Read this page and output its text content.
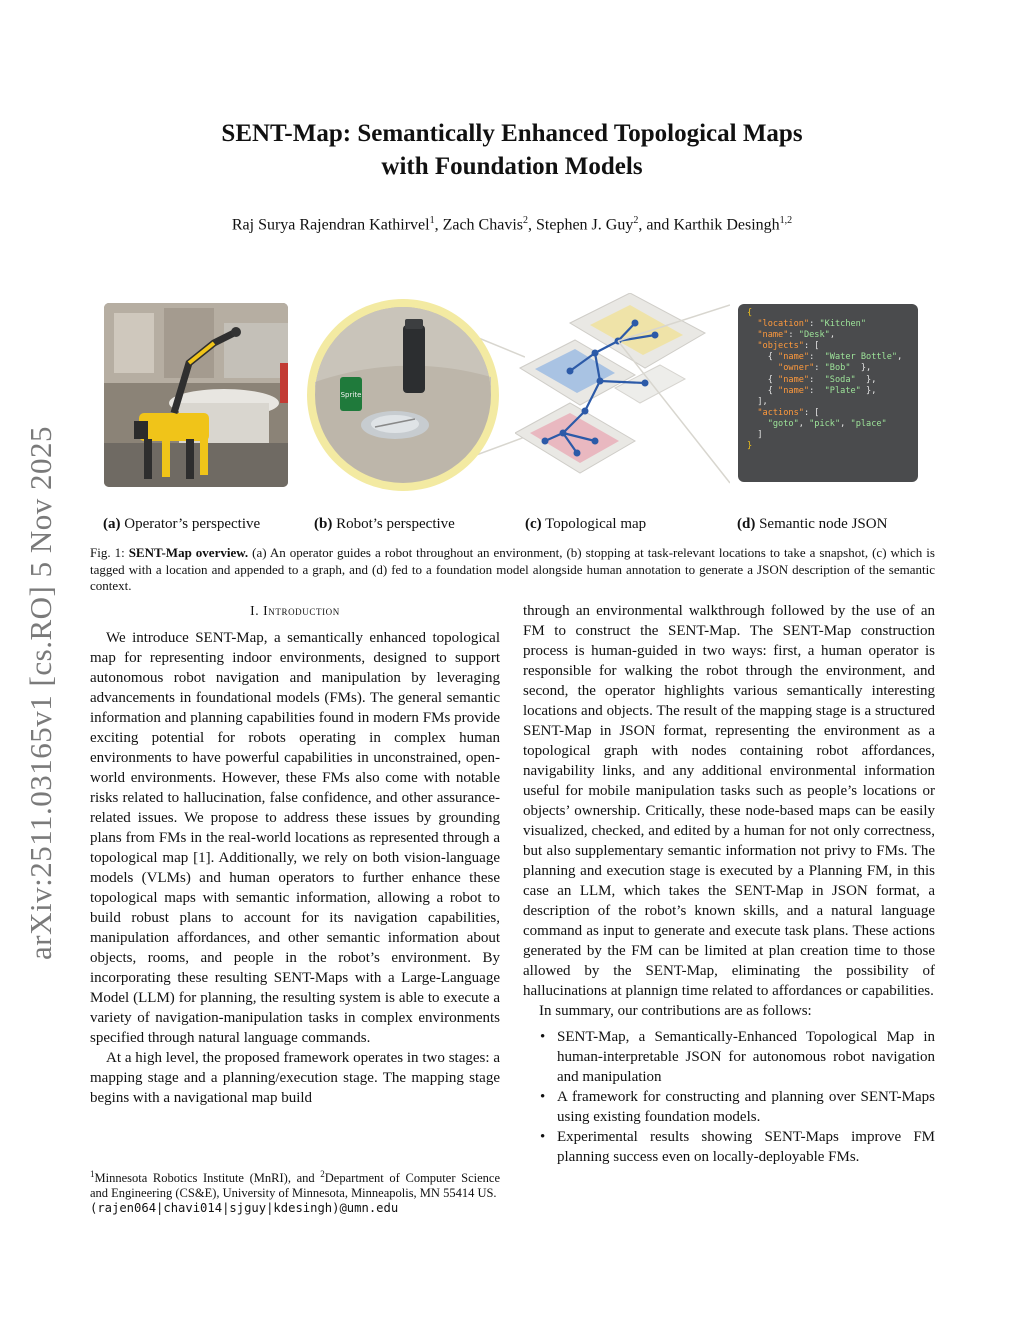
arXiv:2511.03165v1 [cs.RO] 5 Nov 2025
SENT-Map: Semantically Enhanced Topological Maps
with Foundation Models
Raj Surya Rajendran Kathirvel$^1$, Zach Chavis$^2$, Stephen J. Guy$^2$, and Karthik Desingh$^{1,2}$
Sprite
{
"location": "Kitchen"
"name": "Desk",
"objects": [
{ "name":  "Water Bottle",
"owner": "Bob"  },
{ "name":  "Soda"  },
{ "name":  "Plate" },
],
"actions": [
"goto", "pick", "place"
]
}
(a) Operator’s perspective	(b) Robot’s perspective	(c) Topological map	(d) Semantic node JSON
Fig. 1: SENT-Map overview. (a) An operator guides a robot throughout an environment, (b) stopping at task-relevant locations to take a snapshot, (c) which is tagged with a location and appended to a graph, and (d) fed to a foundation model alongside human annotation to generate a JSON description of the semantic context.
I. Introduction

We introduce SENT-Map, a semantically enhanced topological map for representing indoor environments, designed to support autonomous robot navigation and manipulation by leveraging advancements in foundational models (FMs). The general semantic information and planning capabilities found in modern FMs provide exciting potential for robots operating in complex human environments to have powerful capabilities in unconstrained, open-world environments. However, these FMs also come with notable risks related to hallucination, false confidence, and other assurance-related issues. We propose to address these issues by grounding plans from FMs in the real-world locations as represented through a topological map [1]. Additionally, we rely on both vision-language models (VLMs) and human operators to further enhance these topological maps with semantic information, allowing a robot to build robust plans to account for its navigation capabilities, manipulation affordances, and other semantic information about objects, rooms, and people in the robot’s environment. By incorporating these resulting SENT-Maps with a Large-Language Model (LLM) for planning, the resulting system is able to execute a variety of navigation-manipulation tasks in complex environments specified through natural language commands.

At a high level, the proposed framework operates in two stages: a mapping stage and a planning/execution stage. The mapping stage begins with a navigational map build

through an environmental walkthrough followed by the use of an FM to construct the SENT-Map. The SENT-Map construction process is human-guided in two ways: first, a human operator is responsible for walking the robot through the environment, and second, the operator highlights various semantically interesting locations and objects. The result of the mapping stage is a structured SENT-Map in JSON format, representing the environment as a topological graph with nodes containing robot affordances, navigability links, and any additional environmental information useful for mobile manipulation tasks such as people’s locations or objects’ ownership. Critically, these node-based maps can be easily visualized, checked, and edited by a human for not only correctness, but also supplementary semantic information not privy to FMs. The planning and execution stage is executed by a Planning FM, in this case an LLM, which takes the SENT-Map in JSON format, a description of the robot’s known skills, and a natural language command as input to generate and execute task plans. These actions generated by the FM can be limited at plan creation time to those allowed by the SENT-Map, eliminating the possibility of hallucinations at plannign time related to affordances or capabilities.

In summary, our contributions are as follows:

• SENT-Map, a Semantically-Enhanced Topological Map in human-interpretable JSON for autonomous robot navigation and manipulation
• A framework for constructing and planning over SENT-Maps using existing foundation models.
• Experimental results showing SENT-Maps improve FM planning success even on locally-deployable FMs.
$^1$Minnesota Robotics Institute (MnRI), and $^2$Department of Computer Science and Engineering (CS&E), University of Minnesota, Minneapolis, MN 55414 US.
(rajen064|chavi014|sjguy|kdesingh)@umn.edu
